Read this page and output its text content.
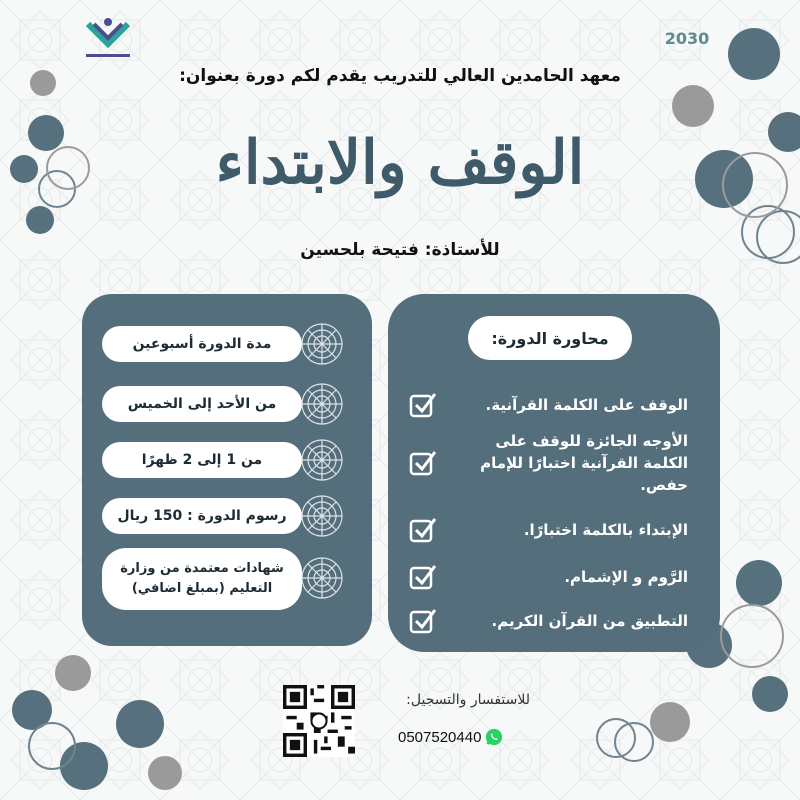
2030
معهد الحامدين العالي للتدريب يقدم لكم دورة بعنوان:
الوقف والابتداء
للأستاذة: فتيحة بلحسين
مدة الدورة أسبوعين
من الأحد إلى الخميس
من 1 إلى 2 ظهرًا
رسوم الدورة : 150 ريال
شهادات معتمدة من وزارة
التعليم (بمبلغ اضافي)
محاورة الدورة:
الوقف على الكلمة القرآنية.
الأوجه الجائزة للوقف على
الكلمة القرآنية اختبارًا للإمام
حفص.
الإبتداء بالكلمة اختبارًا.
الرَّوم و الإشمام.
التطبيق من القرآن الكريم.
للاستفسار والتسجيل:
0507520440
